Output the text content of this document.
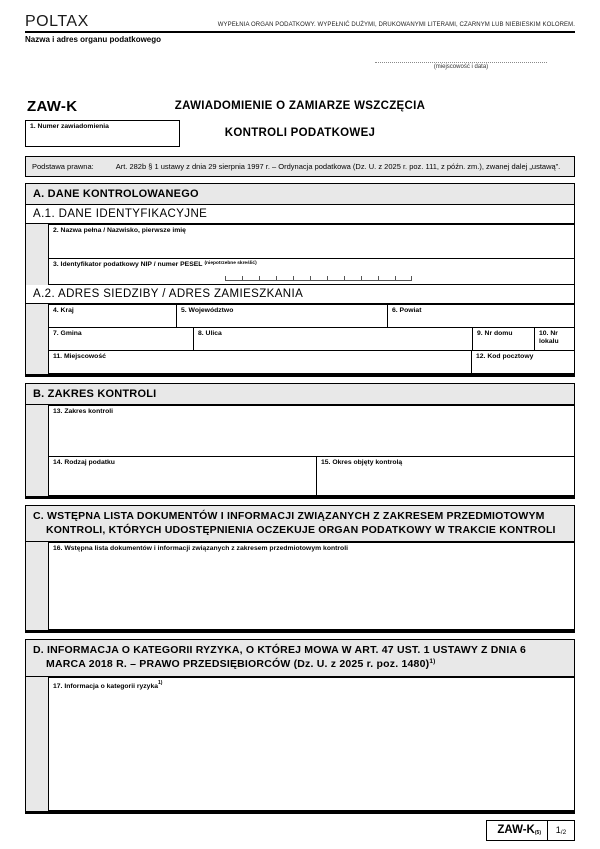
POLTAX	WYPEŁNIA ORGAN PODATKOWY. WYPEŁNIĆ DUŻYMI, DRUKOWANYMI LITERAMI, CZARNYM LUB NIEBIESKIM KOLOREM.
Nazwa i adres organu podatkowego
(miejscowość i data)
ZAW-K	ZAWIADOMIENIE O ZAMIARZE WSZCZĘCIA
1. Numer zawiadomienia
KONTROLI PODATKOWEJ
Podstawa prawna:	Art. 282b § 1 ustawy z dnia 29 sierpnia 1997 r. – Ordynacja podatkowa (Dz. U. z 2025 r. poz. 111, z późn. zm.), zwanej dalej „ustawą”.
A. DANE KONTROLOWANEGO
A.1. DANE IDENTYFIKACYJNE
2. Nazwa pełna / Nazwisko, pierwsze imię
3. Identyfikator podatkowy NIP / numer PESEL $^{(niepotrzebne skreślić)}$
A.2. ADRES SIEDZIBY / ADRES ZAMIESZKANIA
4. Kraj	5. Województwo	6. Powiat
7. Gmina	8. Ulica	9. Nr domu	10. Nr lokalu
11. Miejscowość	12. Kod pocztowy
B. ZAKRES KONTROLI
13. Zakres kontroli
14. Rodzaj podatku	15. Okres objęty kontrolą
C. WSTĘPNA LISTA DOKUMENTÓW I INFORMACJI ZWIĄZANYCH Z ZAKRESEM PRZEDMIOTOWYM KONTROLI, KTÓRYCH UDOSTĘPNIENIA OCZEKUJE ORGAN PODATKOWY W TRAKCIE KONTROLI
16. Wstępna lista dokumentów i informacji związanych z zakresem przedmiotowym kontroli
D. INFORMACJA O KATEGORII RYZYKA, O KTÓREJ MOWA W ART. 47 UST. 1 USTAWY Z DNIA 6 MARCA 2018 R. – PRAWO PRZEDSIĘBIORCÓW (Dz. U. z 2025 r. poz. 1480)$^{1)}$
17. Informacja o kategorii ryzyka$^{1)}$
ZAW-K(5)	1/2
